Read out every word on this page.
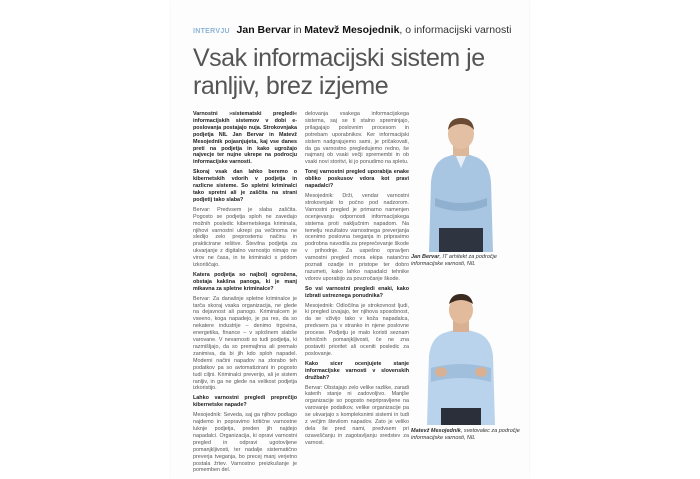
INTERVJU Jan Bervar in Matevž Mesojednik, o informacijski varnosti
Vsak informacijski sistem je ranljiv, brez izjeme

Varnostni »sistematski pregledi« informacijskih sistemov v dobi e-poslovanja postajajo nuja. Strokovnjaka podjetja NIL Jan Bervar in Matevž Mesojednik pojasnjujeta, kaj vse danes preti na podjetja in kako ugrožajo najvecje ter nujne ukrepe na podrocju informacijske varnosti.

Skoraj vsak dan lahko beremo o kibernetskih vdorih v podjetja in razlicne sisteme. So spletni kriminalci tako spretni ali je zaščita na strani podjetij tako slaba?

Bervar: Predvsem je slaba zaščita. Pogosto se podjetja sploh ne zavedajo možnih posledic kibernetskega kriminala, njihovi varnostni ukrepi pa večinoma ne sledijo zelo preprostemu načinu in prakticirane rešitve. Številna podjetja za ukvarjanje z digitalno varnostjo nimajo ne virov ne časa, in te kriminalci s pridom izkoriščajo.

Katera podjetja so najbolj ogrožena, obstaja kakšna panoga, ki je manj mikavna za spletne kriminalce?

Bervar: Za današnje spletne kriminalce je tarča skoraj vsaka organizacija, ne glede na dejavnost ali panogo. Kriminalcem je vseeno, koga napadejo, je pa res, da so nekatere industrije – denimo trgovina, energetika, finance – v splošnem slabše varovane. V nevarnosti so tudi podjetja, ki razmišljajo, da so premajhna ali premalo zanimiva, da bi jih kdo sploh napadel. Moderni načini napadov na zlorabo teh podatkov pa so avtomatizirani in pogosto tudi ciljni. Kriminalci preverijo, ali je sistem ranljiv, in ga ne glede na velikost podjetja izkoristijo.

Lahko varnostni pregledi preprečijo kibernetske napade?

Mesojednik: Seveda, saj ga njihov podlago najdemo in popravimo kritične varnostne luknje podjetja, preden jih najdejo napadalci. Organizacija, ki opravi varnostni pregled in odpravi ugotovljene pomanjkljivosti, ter nadalje sistematično preverja tveganja, bo precej manj verjetno postala žrtev. Varnostno preizkušanje je pomemben del.

delovanja vsakega informacijskega sistema, saj se ti stalno spreminjajo, prilagajajo poslovnim procesom in potrebam uporabnikov. Ker informacijski sistem nadgrajujemo sami, je pričakovati, da ga varnostno pregledujemo redno, še najmanj ob vsaki večji spremembi in ob vsaki novi storitvi, ki jo ponudimo na spletu.

Torej varnostni pregled uporabija enake obliko poskusov vdora kot pravi napadalci?

Mesojednik: Drži, vendar varnostni strokovnjaki to počno pod nadzorom. Varnostni pregled je primarno namenjen ocenjevanju odpornosti informacijskega sistema proti naključnim napadom. Na temelju rezultatov varnostnega preverjanja ocenimo poslovna tveganja in pripravimo podrobna navodila za preprečevanje škode v prihodnje. Za uspešno opravljen varnostni pregled mora ekipa natančno poznati ozadje in pristope ter dobro razumeti, kako lahko napadalci tehnike vdorov uporabijo za povzročanje škode.

So vsi varnostni pregledi enaki, kako izbrati ustreznega ponudnika?

Mesojednik: Odločilna je strokovnost ljudi, ki pregled izvajajo, ter njihova sposobnost, da se vživijo tako v koža napadalca, predvsem pa v stranko in njene poslovne procese. Podjetju je malo koristi seznam tehničnih pomanjkljivosti, če ne zna postaviti prioritet ali oceniti posledic za poslovanje.

Kako sicer ocenjujete stanje informacijske varnosti v slovenskih družbah?

Bervar: Obstajajo zelo velike razlike, zaradi katerih stanje ni zadovoljivo. Manjše organizacije so pogosto nepripravljene na varovanje podatkov, velike organizacije pa se ukvarjajo s kompleksnimi sistemi in tudi z večjim številom napadov. Zato je veliko dela še pred nami, predvsem pri ozaveščanju in zagotavljanju sredstev za varnost.

Jan Bervar, IT arhitekt za področje informacijske varnosti, NIL
Matevž Mesojednik, svetovalec za področje informacijske varnosti, NIL
